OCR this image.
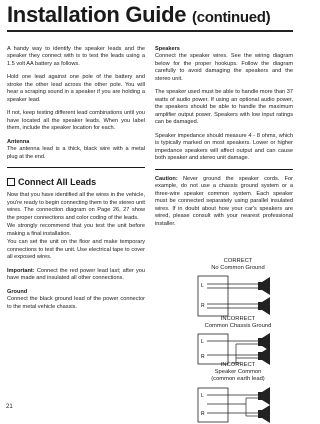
Installation Guide (continued)

A handy way to identify the speaker leads and the speaker they connect with is to test the leads using a 1.5 volt AA battery as follows.

Hold one lead against one pole of the battery and stroke the other lead across the other pole. You will hear a scraping sound in a speaker if you are holding a speaker lead.

If not, keep testing different lead combinations until you have located all the speaker leads. When you label them, include the speaker location for each.

Antenna
The antenna lead is a thick, black wire with a metal plug at the end.

Connect All Leads

Now that you have identified all the wires in the vehicle, you're ready to begin connecting them to the stereo unit wires. The connection diagram on Page 26, 27 show the proper connections and color coding of the leads.

We strongly recommend that you test the unit before making a final installation.

You can set the unit on the floor and make temporary connections to test the unit. Use electrical tape to cover all exposed wires.

Important: Connect the red power lead last; after you have made and insulated all other connections.

Ground
Connect the black ground lead of the power connector to the metal vehicle chassis.

Speakers
Connect the speaker wires. See the wiring diagram below for the proper hookups. Follow the diagram carefully to avoid damaging the speakers and the stereo unit.

The speaker used must be able to handle more than 37 watts of audio power. If using an optional audio power, the speakers should be able to handle the maximum amplifier output power. Speakers with low input ratings can be damaged.

Speaker impedance should measure 4 - 8 ohms, which is typically marked on most speakers. Lower or higher impedance speakers will affect output and can cause both speaker and stereo unit damage.

Caution: Never ground the speaker cords. For example, do not use a chassis ground system or a three-wire speaker common system. Each speaker must be connected separately using parallel insulated wires. If in doubt about how your car's speakers are wired, please consult with your nearest professional installer.

CORRECT
No Common Ground
L
R
INCORRECT
Common Chassis Ground
L
R
INCORRECT
Speaker Common
(common earth lead)
L
R
21
